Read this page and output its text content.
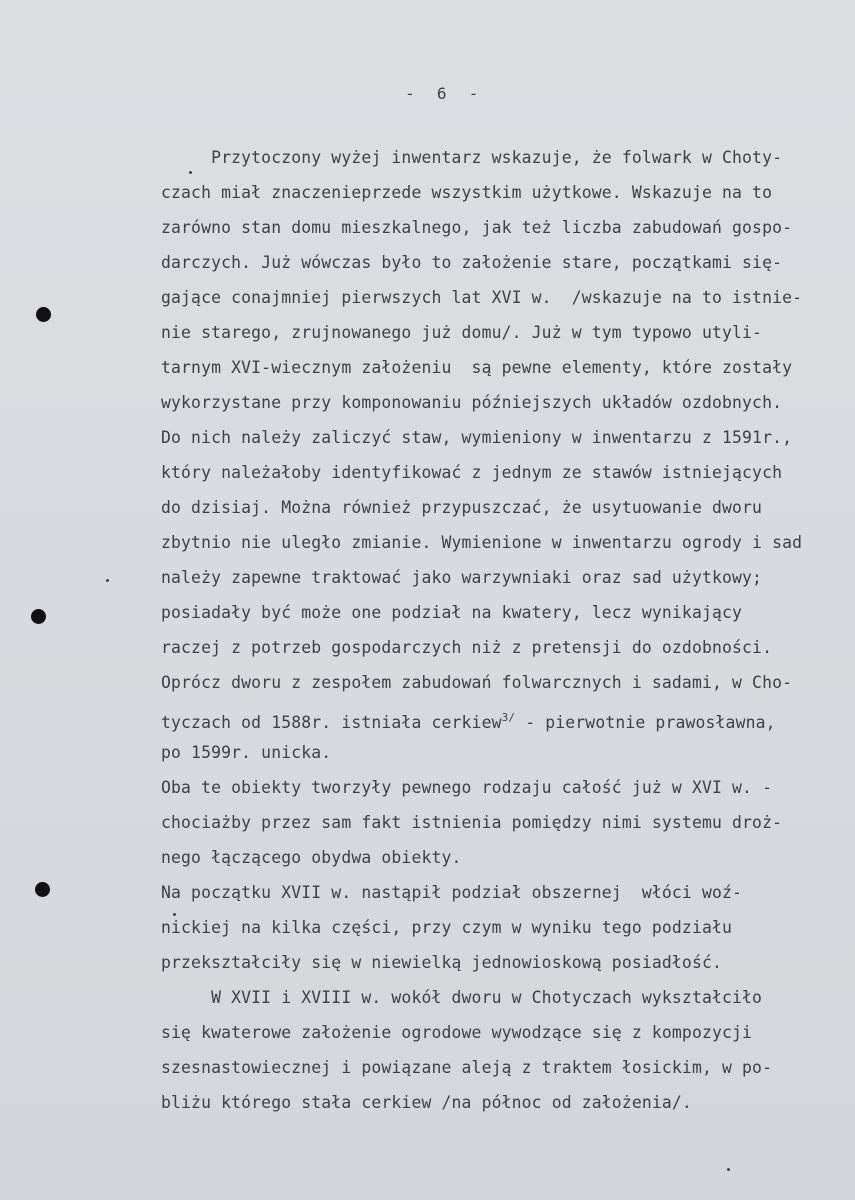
-  6  -
Przytoczony wyżej inwentarz wskazuje, że folwark w Choty-
czach miał znaczenieprzede wszystkim użytkowe. Wskazuje na to
zarówno stan domu mieszkalnego, jak też liczba zabudowań gospo-
darczych. Już wówczas było to założenie stare, początkami się-
gające conajmniej pierwszych lat XVI w.  /wskazuje na to istnie-
nie starego, zrujnowanego już domu/. Już w tym typowo utyli-
tarnym XVI-wiecznym założeniu  są pewne elementy, które zostały
wykorzystane przy komponowaniu późniejszych układów ozdobnych.
Do nich należy zaliczyć staw, wymieniony w inwentarzu z 1591r.,
który należałoby identyfikować z jednym ze stawów istniejących
do dzisiaj. Można również przypuszczać, że usytuowanie dworu
zbytnio nie uległo zmianie. Wymienione w inwentarzu ogrody i sad
należy zapewne traktować jako warzywniaki oraz sad użytkowy;
posiadały być może one podział na kwatery, lecz wynikający
raczej z potrzeb gospodarczych niż z pretensji do ozdobności.
Oprócz dworu z zespołem zabudowań folwarcznych i sadami, w Cho-
tyczach od 1588r. istniała cerkiew$^{3/}$ - pierwotnie prawosławna,
po 1599r. unicka.
Oba te obiekty tworzyły pewnego rodzaju całość już w XVI w. -
chociażby przez sam fakt istnienia pomiędzy nimi systemu droż-
nego łączącego obydwa obiekty.
Na początku XVII w. nastąpił podział obszernej  włóci woź-
nickiej na kilka części, przy czym w wyniku tego podziału
przekształciły się w niewielką jednowioskową posiadłość.
W XVII i XVIII w. wokół dworu w Chotyczach wykształciło
się kwaterowe założenie ogrodowe wywodzące się z kompozycji
szesnastowiecznej i powiązane aleją z traktem łosickim, w po-
bliżu którego stała cerkiew /na północ od założenia/.
